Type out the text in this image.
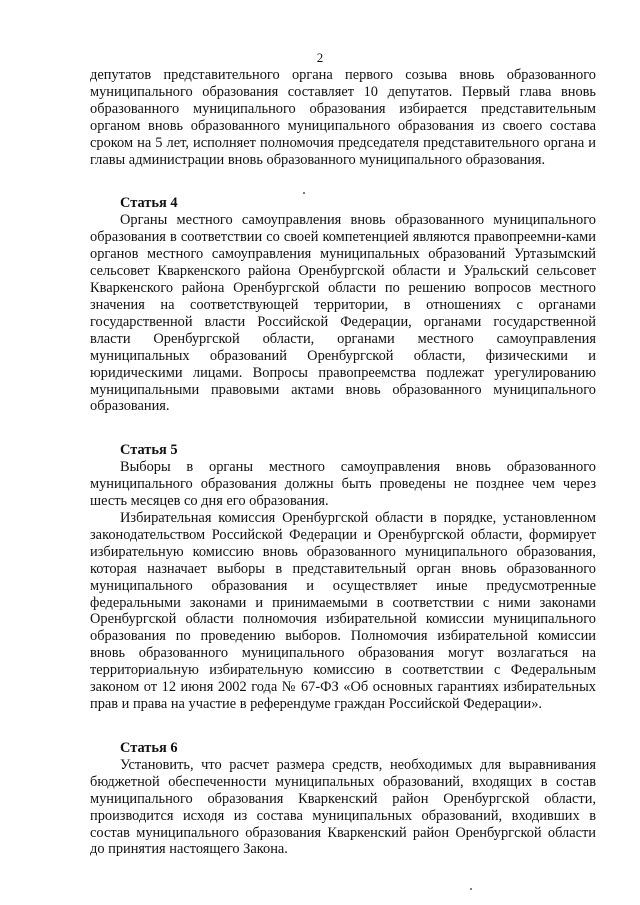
2

депутатов представительного органа первого созыва вновь образованного муниципального образования составляет 10 депутатов. Первый глава вновь образованного муниципального образования избирается представительным органом вновь образованного муниципального образования из своего состава сроком на 5 лет, исполняет полномочия председателя представительного органа и главы администрации вновь образованного муниципального образования.

Статья 4

Органы местного самоуправления вновь образованного муниципального образования в соответствии со своей компетенцией являются правопреемни-ками органов местного самоуправления муниципальных образований Уртазымский сельсовет Кваркенского района Оренбургской области и Уральский сельсовет Кваркенского района Оренбургской области по решению вопросов местного значения на соответствующей территории, в отношениях с органами государственной власти Российской Федерации, органами государственной власти Оренбургской области, органами местного самоуправления муниципальных образований Оренбургской области, физическими и юридическими лицами. Вопросы правопреемства подлежат урегулированию муниципальными правовыми актами вновь образованного муниципального образования.

Статья 5

Выборы в органы местного самоуправления вновь образованного муниципального образования должны быть проведены не позднее чем через шесть месяцев со дня его образования.

Избирательная комиссия Оренбургской области в порядке, установленном законодательством Российской Федерации и Оренбургской области, формирует избирательную комиссию вновь образованного муниципального образования, которая назначает выборы в представительный орган вновь образованного муниципального образования и осуществляет иные предусмотренные федеральными законами и принимаемыми в соответствии с ними законами Оренбургской области полномочия избирательной комиссии муниципального образования по проведению выборов. Полномочия избирательной комиссии вновь образованного муниципального образования могут возлагаться на территориальную избирательную комиссию в соответствии с Федеральным законом от 12 июня 2002 года № 67-ФЗ «Об основных гарантиях избирательных прав и права на участие в референдуме граждан Российской Федерации».

Статья 6

Установить, что расчет размера средств, необходимых для выравнивания бюджетной обеспеченности муниципальных образований, входящих в состав муниципального образования Кваркенский район Оренбургской области, производится исходя из состава муниципальных образований, входивших в состав муниципального образования Кваркенский район Оренбургской области до принятия настоящего Закона.
